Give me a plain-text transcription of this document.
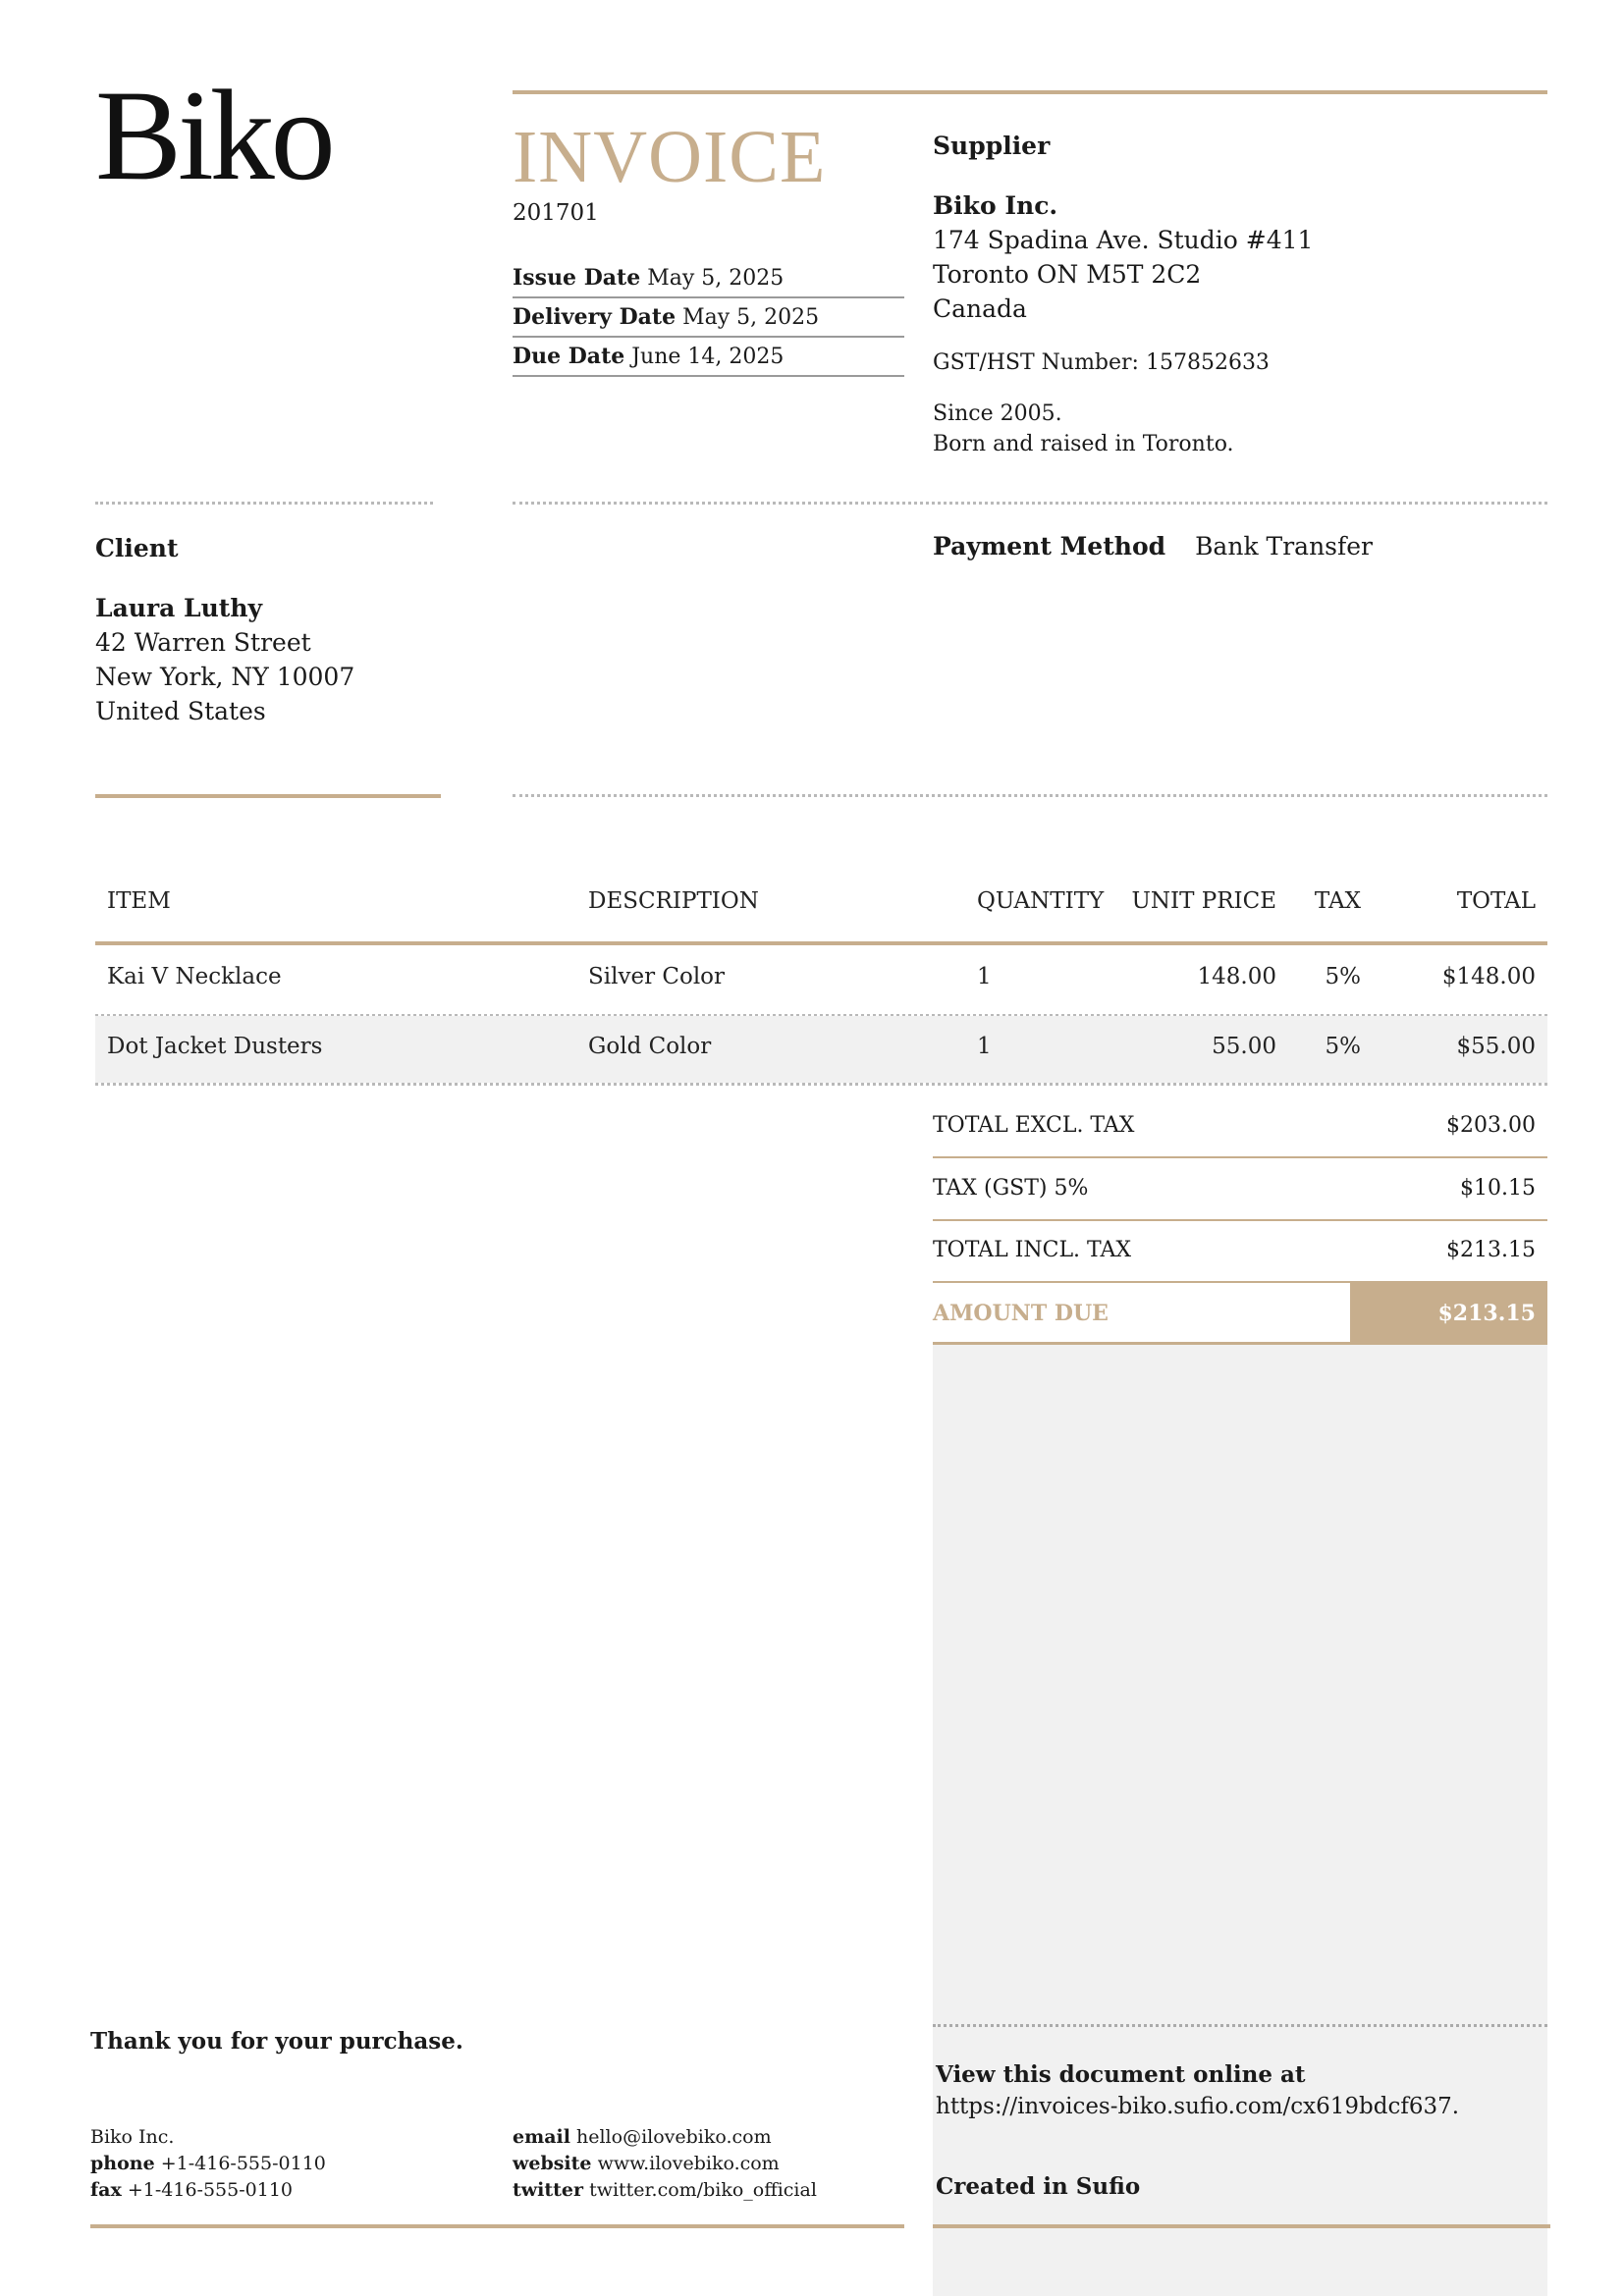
Biko INVOICE
201701
Issue Date May 5, 2025
Delivery Date May 5, 2025
Due Date June 14, 2025
Supplier
Biko Inc.
174 Spadina Ave. Studio #411
Toronto ON M5T 2C2
Canada
GST/HST Number: 157852633
Since 2005.
Born and raised in Toronto.
Client
Laura Luthy
42 Warren Street
New York, NY 10007
United States
Payment Method Bank Transfer
ITEM	DESCRIPTION	QUANTITY	UNIT PRICE	TAX	TOTAL
Kai V Necklace	Silver Color	1	148.00	5%	$148.00
Dot Jacket Dusters	Gold Color	1	55.00	5%	$55.00
TOTAL EXCL. TAX	$203.00
TAX (GST) 5%	$10.15
TOTAL INCL. TAX	$213.15
AMOUNT DUE	$213.15
View this document online at
https://invoices-biko.sufio.com/cx619bdcf637.
Created in Sufio
Thank you for your purchase.
Biko Inc.
phone +1-416-555-0110
fax +1-416-555-0110
email hello@ilovebiko.com
website www.ilovebiko.com
twitter twitter.com/biko_official
